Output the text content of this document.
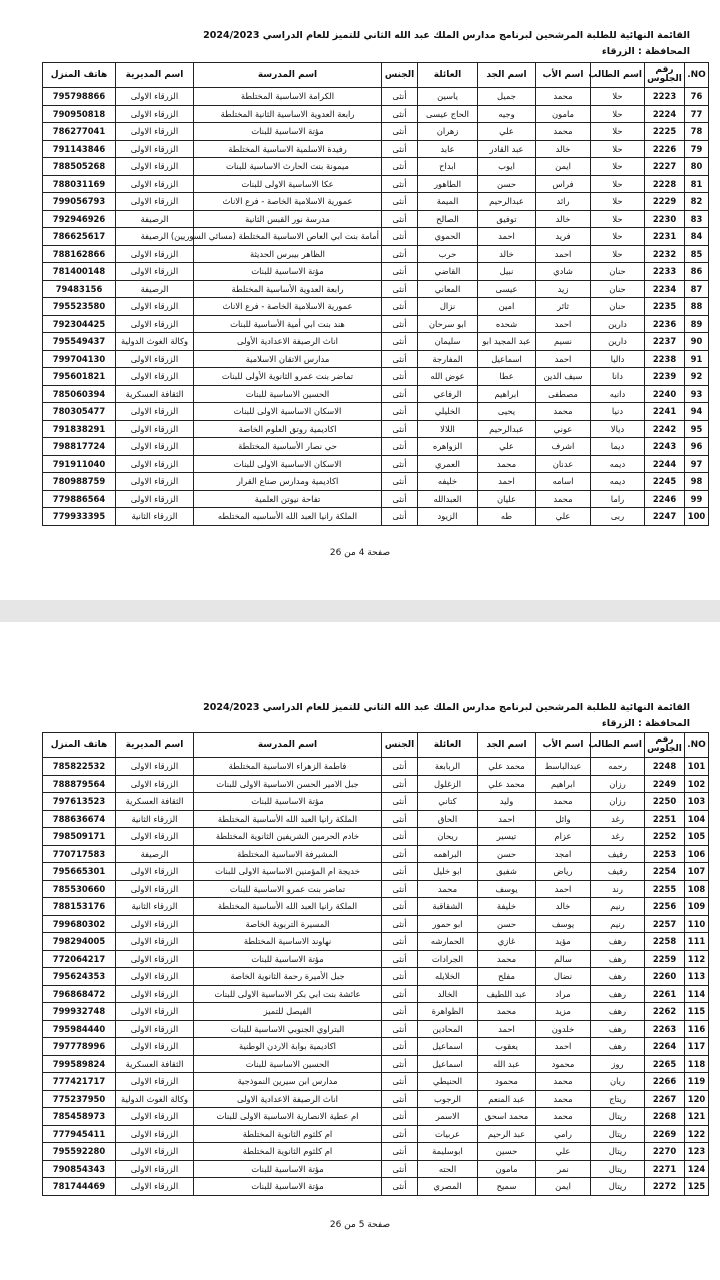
القائمة النهائية للطلبة المرشحين لبرنامج مدارس الملك عبد الله الثاني للتميز للعام الدراسي 2024/2023
المحافظة : الزرقاء
NO.	رقم الجلوس	اسم الطالب	اسم الأب	اسم الجد	العائلة	الجنس	اسم المدرسة	اسم المديرية	هاتف المنزل
76	2223	حلا	محمد	جميل	ياسين	أنثى	الكرامة الاساسية المختلطة	الزرقاء الاولى	795798866
77	2224	حلا	مامون	وجيه	الحاج عيسى	أنثى	رابعة العدوية الاساسية الثانية المختلطة	الزرقاء الاولى	790950818
78	2225	حلا	محمد	علي	زهران	أنثى	مؤتة الاساسية للبنات	الزرقاء الاولى	786277041
79	2226	حلا	خالد	عبد القادر	عابد	أنثى	رفيدة الاسلمية الاساسية المختلطة	الزرقاء الاولى	791143846
80	2227	حلا	ايمن	ايوب	ابداح	أنثى	ميمونة بنت الحارث الاساسية للبنات	الزرقاء الاولى	788505268
81	2228	حلا	فراس	حسن	الطاهور	أنثى	عكا الاساسية الاولى للبنات	الزرقاء الاولى	788031169
82	2229	حلا	رائد	عبدالرحيم	الميمة	أنثى	عمورية الاسلامية الخاصة - فرع الاناث	الزرقاء الاولى	799056793
83	2230	حلا	خالد	توفيق	الصالح	أنثى	مدرسة نور القبس الثانية	الرصيفة	792946926
84	2231	حلا	فريد	احمد	الحموي	أنثى	أمامة بنت ابي العاص الاساسية المختلطة (مسائي السوريين)	الرصيفة	786625617
85	2232	حلا	احمد	خالد	حرب	أنثى	الظاهر بيبرس الحديثة	الزرقاء الاولى	788162866
86	2233	حنان	شادي	نبيل	القاضي	أنثى	مؤتة الاساسية للبنات	الزرقاء الاولى	781400148
87	2234	حنان	زيد	عيسى	المعاني	أنثى	رابعة العدوية الأساسية المختلطة	الرصيفة	79483156
88	2235	حنان	ثائر	امين	نزال	أنثى	عمورية الاسلامية الخاصة - فرع الاناث	الزرقاء الاولى	795523580
89	2236	دارين	احمد	شحده	ابو سرحان	أنثى	هند بنت ابي أمية الأساسية للبنات	الزرقاء الاولى	792304425
90	2237	دارين	نسيم	عبد المجيد ابو	سليمان	أنثى	اناث الرصيفة الاعدادية الأولى	وكالة الغوث الدولية	795549437
91	2238	داليا	احمد	اسماعيل	المفارجة	أنثى	مدارس الاتقان الاسلامية	الزرقاء الاولى	799704130
92	2239	دانا	سيف الدين	عطا	عوض الله	أنثى	تماضر بنت عمرو الثانوية الأولى للبنات	الزرقاء الاولى	795601821
93	2240	دانيه	مصطفى	ابراهيم	الرفاعي	أنثى	الحسين الاساسية للبنات	الثقافة العسكرية	785060394
94	2241	دنيا	محمد	يحيى	الخليلي	أنثى	الاسكان الاساسية الاولى للبنات	الزرقاء الاولى	780305477
95	2242	ديالا	عوني	عبدالرحيم	اللالا	أنثى	اكاديمية روتق العلوم الخاصة	الزرقاء الاولى	791838291
96	2243	ديما	اشرف	علي	الزواهره	أنثى	حي نصار الأساسية المختلطة	الزرقاء الاولى	798817724
97	2244	ديمه	عدنان	محمد	العمري	أنثى	الاسكان الاساسية الاولى للبنات	الزرقاء الاولى	791911040
98	2245	ديمه	اسامه	احمد	خليفه	أنثى	اكاديمية ومدارس صناع القرار	الزرقاء الاولى	780988759
99	2246	راما	محمد	عليان	العبدالله	أنثى	تفاحة نيوتن العلمية	الزرقاء الاولى	779886564
100	2247	ربى	علي	طه	الزيود	أنثى	الملكة رانيا العبد الله الأساسيه المختلطه	الزرقاء الثانية	779933395
صفحة 4 من 26
القائمة النهائية للطلبة المرشحين لبرنامج مدارس الملك عبد الله الثاني للتميز للعام الدراسي 2024/2023
المحافظة : الزرقاء
NO.	رقم الجلوس	اسم الطالب	اسم الأب	اسم الجد	العائلة	الجنس	اسم المدرسة	اسم المديرية	هاتف المنزل
101	2248	رحمه	عبدالباسط	محمد علي	الربابعة	أنثى	فاطمة الزهراء الاساسية المختلطة	الزرقاء الاولى	785822532
102	2249	رزان	ابراهيم	محمد علي	الزغلول	أنثى	جبل الامير الحسن الاساسية الاولى للبنات	الزرقاء الاولى	788879564
103	2250	رزان	محمد	وليد	كتاني	أنثى	مؤتة الاساسية للبنات	الثقافة العسكرية	797613523
104	2251	رغد	وائل	احمد	الحاق	أنثى	الملكة رانيا العبد الله الأساسية المختلطة	الزرقاء الثانية	788636674
105	2252	رغد	عزام	تيسير	ريحان	أنثى	خادم الحرمين الشريفين الثانوية المختلطة	الزرقاء الاولى	798509171
106	2253	رفيف	امجد	حسن	البراهمه	أنثى	المشيرفة الاساسية المختلطة	الرصيفة	770717583
107	2254	رفيف	رياض	شفيق	ابو خليل	أنثى	خديجة ام المؤمنين الاساسية الاولى للبنات	الزرقاء الاولى	795665301
108	2255	رند	احمد	يوسف	محمد	أنثى	تماضر بنت عمرو الاساسية للبنات	الزرقاء الاولى	785530660
109	2256	رنيم	خالد	خليفة	الشقاقبة	أنثى	الملكة رانيا العبد الله الأساسية المختلطة	الزرقاء الثانية	788153176
110	2257	رنيم	يوسف	حسن	ابو حمور	أنثى	المسيرة التربوية الخاصة	الزرقاء الاولى	799680302
111	2258	رهف	مؤيد	غازي	الحمارشه	أنثى	نهاوند الاساسية المختلطة	الزرقاء الاولى	798294005
112	2259	رهف	سالم	محمد	الجرادات	أنثى	مؤتة الاساسية للبنات	الزرقاء الاولى	772064217
113	2260	رهف	نضال	مفلح	الخلايله	أنثى	جبل الأميرة رحمة الثانوية الخاصة	الزرقاء الاولى	795624353
114	2261	رهف	مراد	عبد اللطيف	الخالد	أنثى	عائشة بنت ابي بكر الاساسية الاولى للبنات	الزرقاء الاولى	796868472
115	2262	رهف	مزيد	محمد	الظواهرة	أنثى	الفيصل للتميز	الزرقاء الاولى	799932748
116	2263	رهف	خلدون	احمد	المحادين	أنثى	البتراوي الجنوبي الاساسية للبنات	الزرقاء الاولى	795984440
117	2264	رهف	احمد	يعقوب	اسماعيل	أنثى	اكاديمية بوابة الاردن الوطنية	الزرقاء الاولى	797778996
118	2265	روز	محمود	عبد الله	اسماعيل	أنثى	الحسين الاساسية للبنات	الثقافة العسكرية	799589824
119	2266	ريان	محمد	محمود	الحنيطي	أنثى	مدارس ابن سيرين النموذجية	الزرقاء الاولى	777421717
120	2267	ريتاج	محمد	عبد المنعم	الرجوب	أنثى	اناث الرصيفة الاعدادية الاولى	وكالة الغوث الدولية	775237950
121	2268	ريتال	محمد	محمد اسحق	الاسمر	أنثى	ام عطية الانصارية الاساسية الاولى للبنات	الزرقاء الاولى	785458973
122	2269	ريتال	رامي	عبد الرحيم	عربيات	أنثى	ام كلثوم الثانوية المختلطة	الزرقاء الاولى	777945411
123	2270	ريتال	علي	حسين	ابوسليمة	أنثى	ام كلثوم الثانوية المختلطة	الزرقاء الاولى	795592280
124	2271	ريتال	نمر	مامون	الحته	أنثى	مؤتة الاساسية للبنات	الزرقاء الاولى	790854343
125	2272	ريتال	ايمن	سميح	المصري	أنثى	مؤتة الاساسية للبنات	الزرقاء الاولى	781744469
صفحة 5 من 26
